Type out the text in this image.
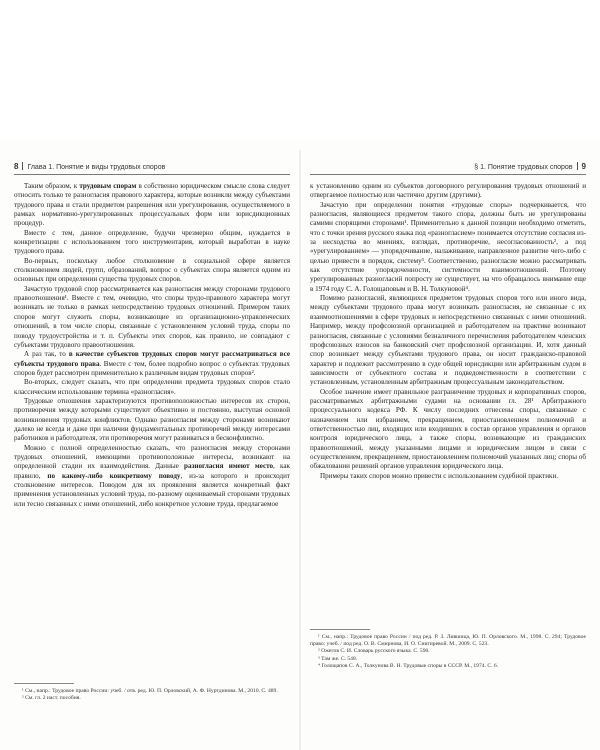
8 Глава 1. Понятие и виды трудовых споров

Таким образом, к трудовым спорам в собственно юридическом смысле слова следует относить только те разногласия правового характера, которые возникли между субъектами трудового права и стали предметом разрешения или урегулирования, осуществляемого в рамках нормативно-урегулированных процессуальных форм или юрисдикционных процедур.

Вместе с тем, данное определение, будучи чрезмерно общим, нуждается в конкретизации с использованием того инструментария, который выработан в науке трудового права.

Во-первых, поскольку любое столкновение в социальной сфере является столкновением людей, групп, образований, вопрос о субъектах спора является одним из основных при определении существа трудовых споров.

Зачастую трудовой спор рассматривается как разногласия между сторонами трудового правоотношения¹. Вместе с тем, очевидно, что споры трудо-правового характера могут возникать не только в рамках непосредственно трудовых отношений. Примером таких споров могут служить споры, возникающие из организационно-управленческих отношений, в том числе споры, связанные с установлением условий труда, споры по поводу трудоустройства и т. п. Субъекты этих споров, как правило, не совпадают с субъектами трудового правоотношения.

А раз так, то в качестве субъектов трудовых споров могут рассматриваться все субъекты трудового права. Вместе с тем, более подробно вопрос о субъектах трудовых споров будет рассмотрен применительно к различным видам трудовых споров².

Во-вторых, следует сказать, что при определении предмета трудовых споров стало классическим использование термина «разногласия».

Трудовые отношения характеризуются противоположностью интересов их сторон, противоречия между которыми существуют объективно и постоянно, выступая основой возникновения трудовых конфликтов. Однако разногласия между сторонами возникают далеко не всегда и даже при наличии фундаментальных противоречий между интересами работников и работодателя, эти противоречия могут развиваться в бесконфликтно.

Можно с полной определенностью сказать, что разногласия между сторонами трудовых отношений, имеющими противоположные интересы, возникают на определенной стадии их взаимодействия. Данные разногласия имеют место, как правило, по какому-либо конкретному поводу, из-за которого и происходит столкновение интересов. Поводом для их проявления является конкретный факт применения установленных условий труда, по-разному оцениваемый сторонами трудовых или тесно связанных с ними отношений, либо конкретное условие труда, предлагаемое

¹ См., напр.: Трудовое право России: учеб. / отв. ред. Ю. П. Орловский, А. Ф. Нуртдинова. М., 2010. С. 489.

² См. гл. 2 наст. пособия.

§ 1. Понятие трудовых споров 9

к установлению одним из субъектов договорного регулирования трудовых отношений и отвергаемое полностью или частично другим (другими).

Зачастую при определении понятия «трудовые споры» подчеркивается, что разногласия, являющиеся предметом такого спора, должны быть не урегулированы самими спорящими сторонами¹. Применительно к данной позиции необходимо отметить, что с точки зрения русского языка под «разногласием» понимается отсутствие согласия из-за несходства во мнениях, взглядах, противоречие, несогласованность², а под «урегулированием» — упорядочивание, налаживание, направленное развитие чего-либо с целью привести в порядок, систему³. Соответственно, разногласие можно рассматривать как отсутствие упорядоченности, системности взаимоотношений. Поэтому урегулированных разногласий попросту не существует, на что обращалось внимание еще в 1974 году С. А. Голощаповым и В. Н. Толкуновой⁴.

Помимо разногласий, являющихся предметом трудовых споров того или иного вида, между субъектами трудового права могут возникать разногласия, не связанные с их взаимоотношениями в сфере трудовых и непосредственно связанных с ними отношений. Например, между профсоюзной организацией и работодателем на практике возникают разногласия, связанные с условиями безналичного перечисления работодателем членских профсоюзных взносов на банковский счет профсоюзной организации. И, хотя данный спор возникает между субъектами трудового права, он носит гражданско-правовой характер и подлежит рассмотрению в суде общей юрисдикции или арбитражным судом в зависимости от субъектного состава и подведомственности в соответствии с установленным, установленным арбитражным процессуальным законодательством.

Особое значение имеет правильное разграничение трудовых и корпоративных споров, рассматриваемых арбитражными судами на основании гл. 28¹ Арбитражного процессуального кодекса РФ. К числу последних отнесены споры, связанные с назначением или избранием, прекращением, приостановлением полномочий и ответственностью лиц, входящих или входивших в состав органов управления и органов контроля юридического лица, а также споры, возникающие из гражданских правоотношений, между указанными лицами и юридическим лицом в связи с осуществлением, прекращением, приостановлением полномочий указанных лиц; споры об обжаловании решений органов управления юридического лица.

Примеры таких споров можно привести с использованием судебной практики.

¹ См., напр.: Трудовое право России / под ред. Р. З. Лившица, Ю. П. Орловского. М., 1998. С. 294; Трудовое право: учеб. / под ред. О. В. Смирнова, И. О. Снигиревой. М., 2009. С. 523.

² Ожегов С. И. Словарь русского языка. С. 590.

³ Там же. С. 548.

⁴ Голощапов С. А., Толкунова В. Н. Трудовые споры в СССР. М., 1974. С. 6.
